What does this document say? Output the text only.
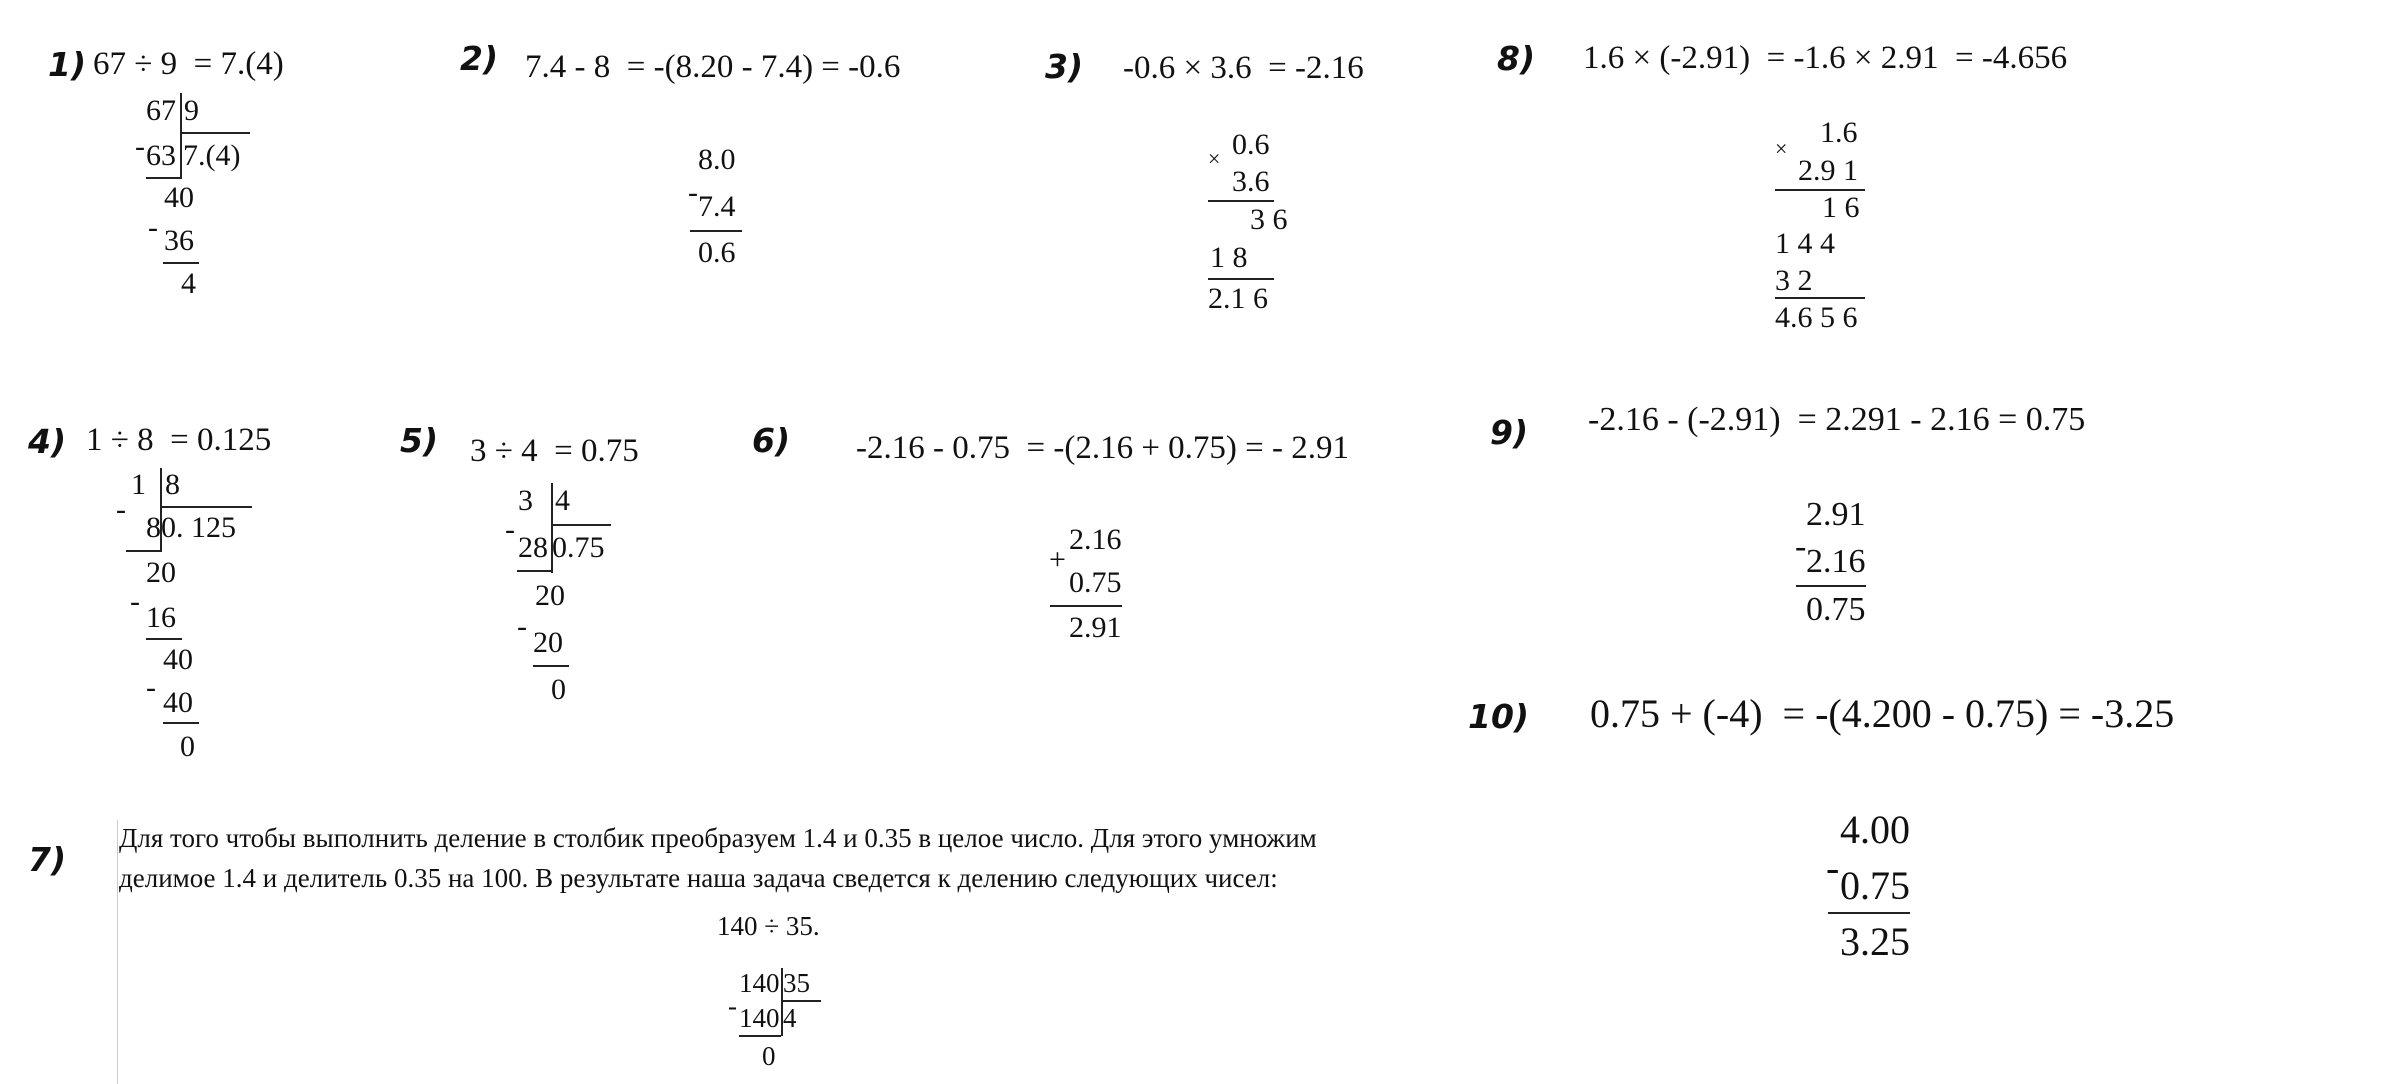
1) 67 ÷ 9  = 7.(4)
67 9
- 63 7.(4)
40
- 36
4
2) 7.4 - 8  = -(8.20 - 7.4) = -0.6
8.0
- 7.4
0.6
3) -0.6 × 3.6  = -2.16
× 0.6
3.6
3 6
1 8
2.1 6
8) 1.6 × (-2.91)  = -1.6 × 2.91  = -4.656
× 1.6
2.9 1
1 6
1 4 4
3 2
4.6 5 6
4) 1 ÷ 8  = 0.125
1 8
-
8 0. 125
20
- 16
40
- 40
0
5) 3 ÷ 4  = 0.75
3 4
-
28 0.75
20
- 20
0
6) -2.16 - 0.75  = -(2.16 + 0.75) = - 2.91
+
2.16
0.75
2.91
9) -2.16 - (-2.91)  = 2.291 - 2.16 = 0.75
2.91
- 2.16
0.75
10) 0.75 + (-4)  = -(4.200 - 0.75) = -3.25
4.00
- 0.75
3.25
7)
Для того чтобы выполнить деление в столбик преобразуем 1.4 и 0.35 в целое число. Для этого умножим
делимое 1.4 и делитель 0.35 на 100. В результате наша задача сведется к делению следующих чисел:
140 ÷ 35.
140 35
- 140 4
0
